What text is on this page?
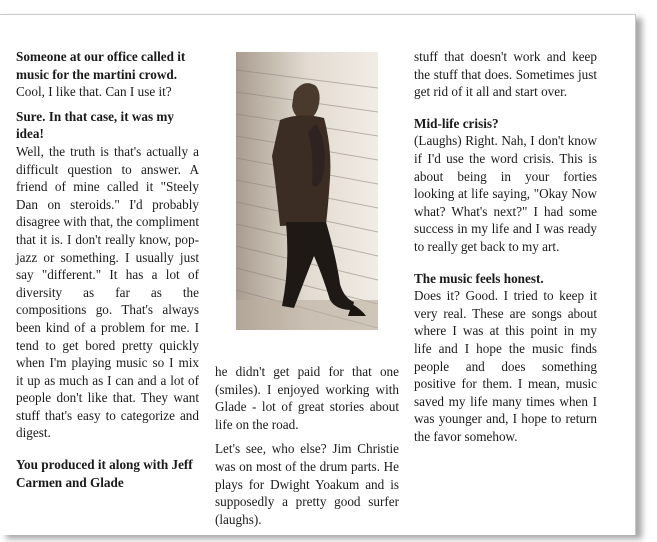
Someone at our office called it music for the martini crowd.
Cool, I like that. Can I use it?

Sure. In that case, it was my idea!
Well, the truth is that's actually a difficult question to answer. A friend of mine called it "Steely Dan on steroids." I'd probably disagree with that, the compliment that it is. I don't really know, pop-jazz or something. I usually just say "different." It has a lot of diversity as far as the compositions go. That's always been kind of a problem for me. I tend to get bored pretty quickly when I'm playing music so I mix it up as much as I can and a lot of people don't like that. They want stuff that's easy to categorize and digest.

You produced it along with Jeff Carmen and Glade

he didn't get paid for that one (smiles). I enjoyed working with Glade - lot of great stories about life on the road.

Let's see, who else? Jim Christie was on most of the drum parts. He plays for Dwight Yoakum and is supposedly a pretty good surfer (laughs).

stuff that doesn't work and keep the stuff that does. Sometimes just get rid of it all and start over.

Mid-life crisis?
(Laughs) Right. Nah, I don't know if I'd use the word crisis. This is about being in your forties looking at life saying, "Okay Now what? What's next?" I had some success in my life and I was ready to really get back to my art.

The music feels honest.
Does it? Good. I tried to keep it very real. These are songs about where I was at this point in my life and I hope the music finds people and does something positive for them. I mean, music saved my life many times when I was younger and, I hope to return the favor somehow.
